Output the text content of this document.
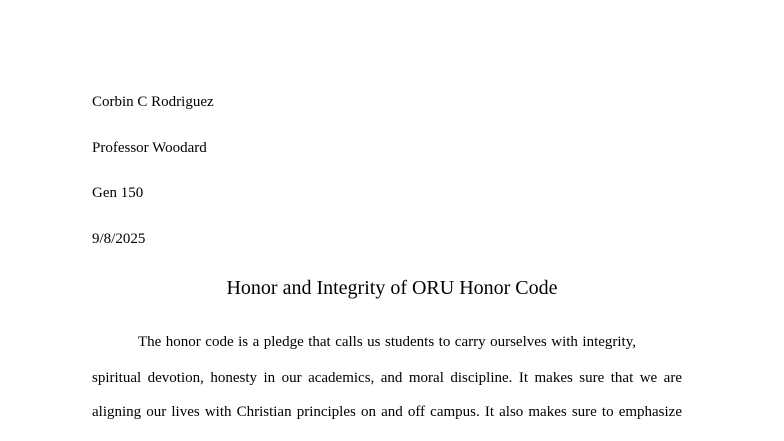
Corbin C Rodriguez
Professor Woodard
Gen 150
9/8/2025
Honor and Integrity of ORU Honor Code
The honor code is a pledge that calls us students to carry ourselves with integrity,
spiritual devotion, honesty in our academics, and moral discipline. It makes sure that we are
aligning our lives with Christian principles on and off campus. It also makes sure to emphasize
